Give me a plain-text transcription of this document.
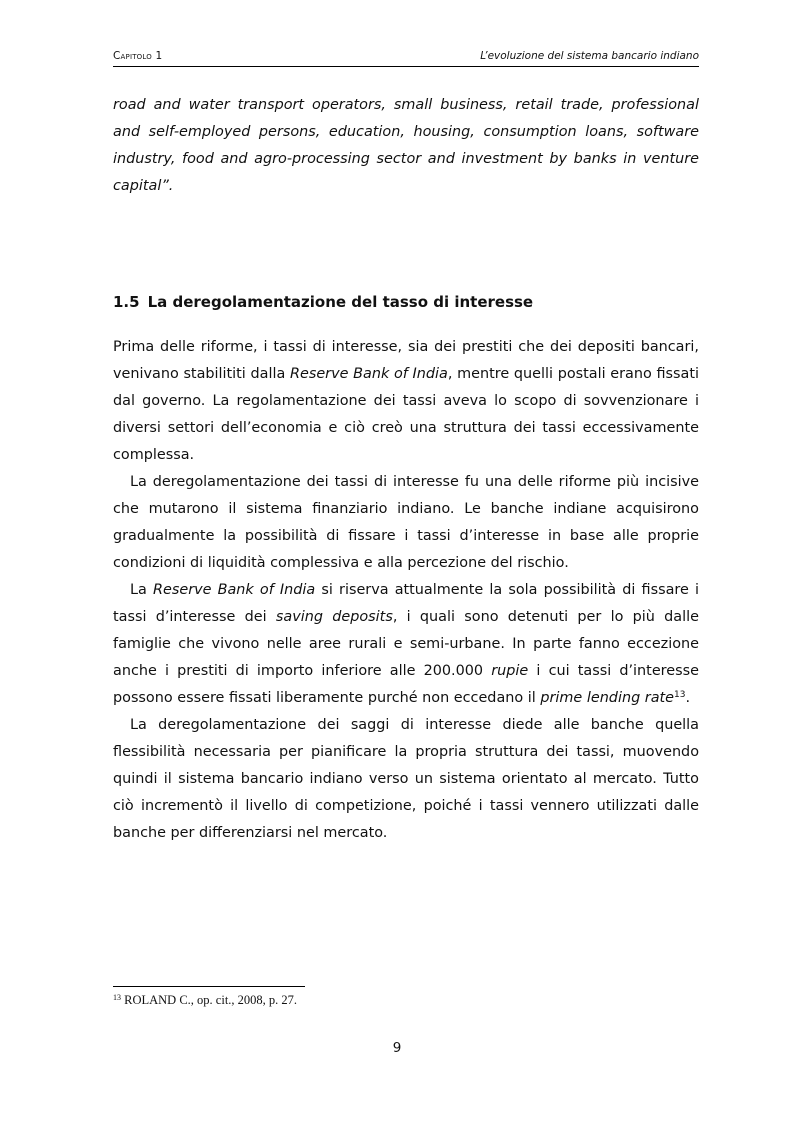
Capitolo 1	L’evoluzione del sistema bancario indiano

road and water transport operators, small business, retail trade, professional and self-employed persons, education, housing, consumption loans, software industry, food and agro-processing sector and investment by banks in venture capital”.

1.5 La deregolamentazione del tasso di interesse

Prima delle riforme, i tassi di interesse, sia dei prestiti che dei depositi bancari, venivano stabilititi dalla Reserve Bank of India, mentre quelli postali erano fissati dal governo. La regolamentazione dei tassi aveva lo scopo di sovvenzionare i diversi settori dell’economia e ciò creò una struttura dei tassi eccessivamente complessa.

La deregolamentazione dei tassi di interesse fu una delle riforme più incisive che mutarono il sistema finanziario indiano. Le banche indiane acquisirono gradualmente la possibilità di fissare i tassi d’interesse in base alle proprie condizioni di liquidità complessiva e alla percezione del rischio.

La Reserve Bank of India si riserva attualmente la sola possibilità di fissare i tassi d’interesse dei saving deposits, i quali sono detenuti per lo più dalle famiglie che vivono nelle aree rurali e semi-urbane. In parte fanno eccezione anche i prestiti di importo inferiore alle 200.000 rupie i cui tassi d’interesse possono essere fissati liberamente purché non eccedano il prime lending rate$^{13}$.

La deregolamentazione dei saggi di interesse diede alle banche quella flessibilità necessaria per pianificare la propria struttura dei tassi, muovendo quindi il sistema bancario indiano verso un sistema orientato al mercato. Tutto ciò incrementò il livello di competizione, poiché i tassi vennero utilizzati dalle banche per differenziarsi nel mercato.

$^{13}$ ROLAND C., op. cit., 2008, p. 27.
9
